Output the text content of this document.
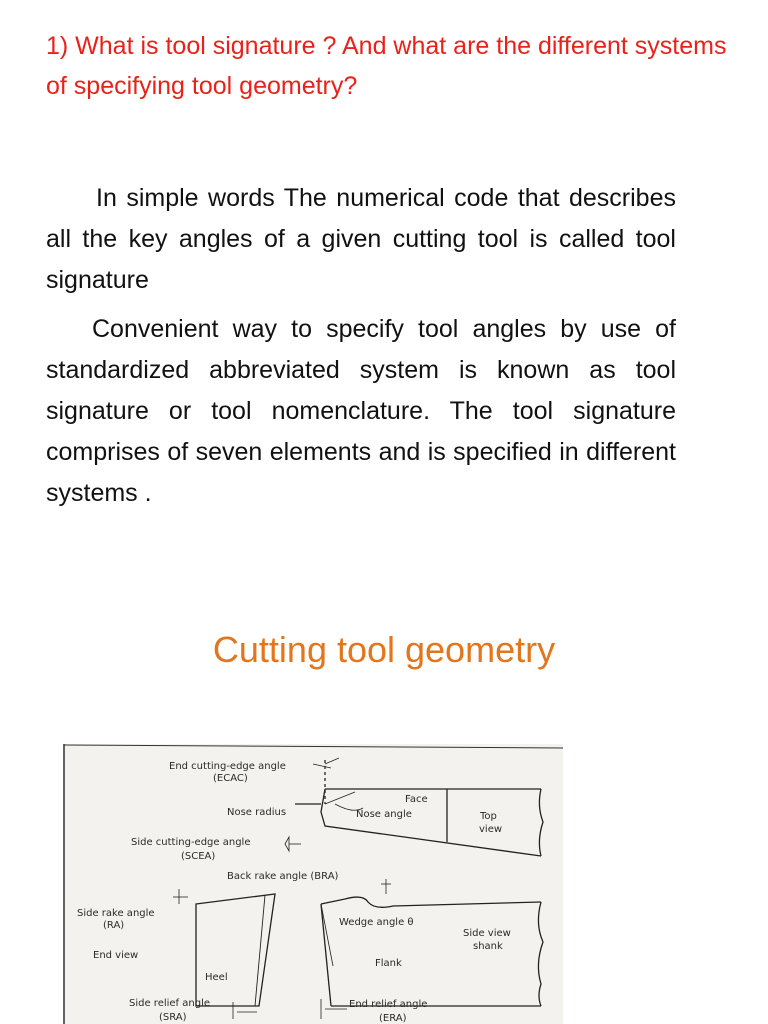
1) What is tool signature ? And what are the different systems of specifying tool geometry?

In simple words The numerical code that describes all the key angles of a given cutting tool is called tool signature

Convenient way to specify tool angles by use of standardized abbreviated system is known as tool signature or tool nomenclature. The tool signature comprises of seven elements and is specified in different systems .

Cutting tool geometry
End cutting-edge angle
(ECAC)
Face
Nose radius	Nose angle	Top
view
Side cutting-edge angle
(SCEA)
Back rake angle (BRA)
Side rake angle
(RA)	Wedge angle θ
Side view
shank
End view
Flank
Heel
Side relief angle
(SRA)
End relief angle
(ERA)
